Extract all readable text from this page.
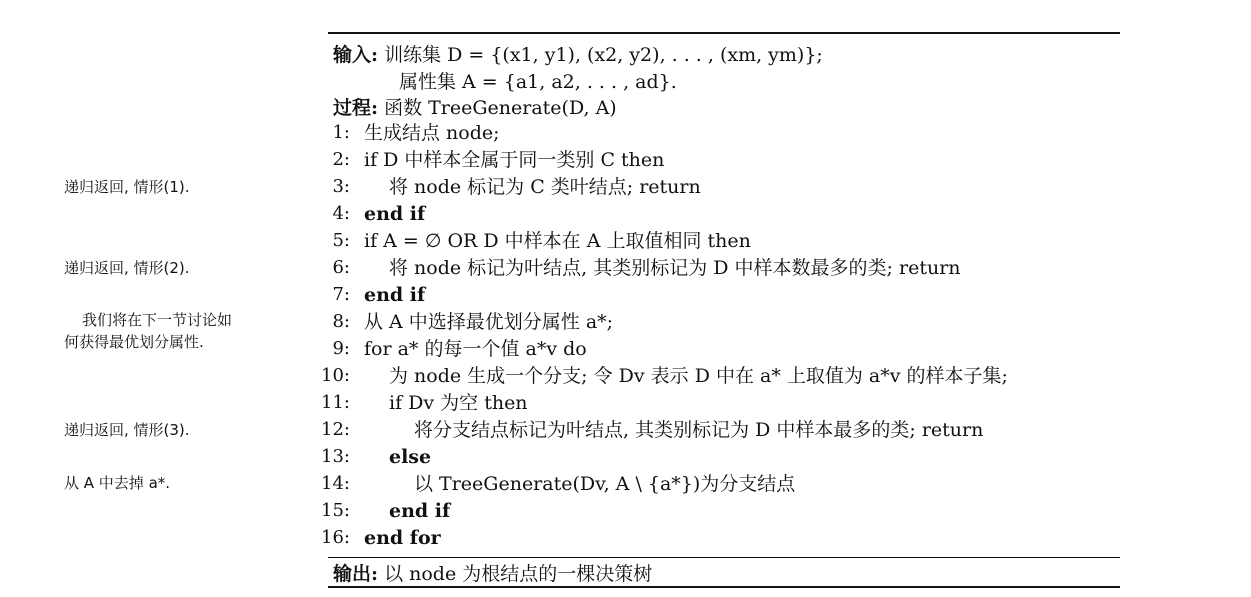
输入: 训练集 D = {(x1, y1), (x2, y2), . . . , (xm, ym)};
属性集 A = {a1, a2, . . . , ad}.
过程: 函数 TreeGenerate(D, A)
1: 生成结点 node;
2: if D 中样本全属于同一类别 C then
3: 将 node 标记为 C 类叶结点; return
4: end if
5: if A = ∅ OR D 中样本在 A 上取值相同 then
6: 将 node 标记为叶结点, 其类别标记为 D 中样本数最多的类; return
7: end if
8: 从 A 中选择最优划分属性 a*;
9: for a* 的每一个值 a*v do
10: 为 node 生成一个分支; 令 Dv 表示 D 中在 a* 上取值为 a*v 的样本子集;
11: if Dv 为空 then
12:	将分支结点标记为叶结点, 其类别标记为 D 中样本最多的类; return
13: else
14:	以 TreeGenerate(Dv, A \ {a*})为分支结点
15: end if
16: end for
输出: 以 node 为根结点的一棵决策树
递归返回, 情形(1).
递归返回, 情形(2).
我们将在下一节讨论如
何获得最优划分属性.
递归返回, 情形(3).
从 A 中去掉 a*.
